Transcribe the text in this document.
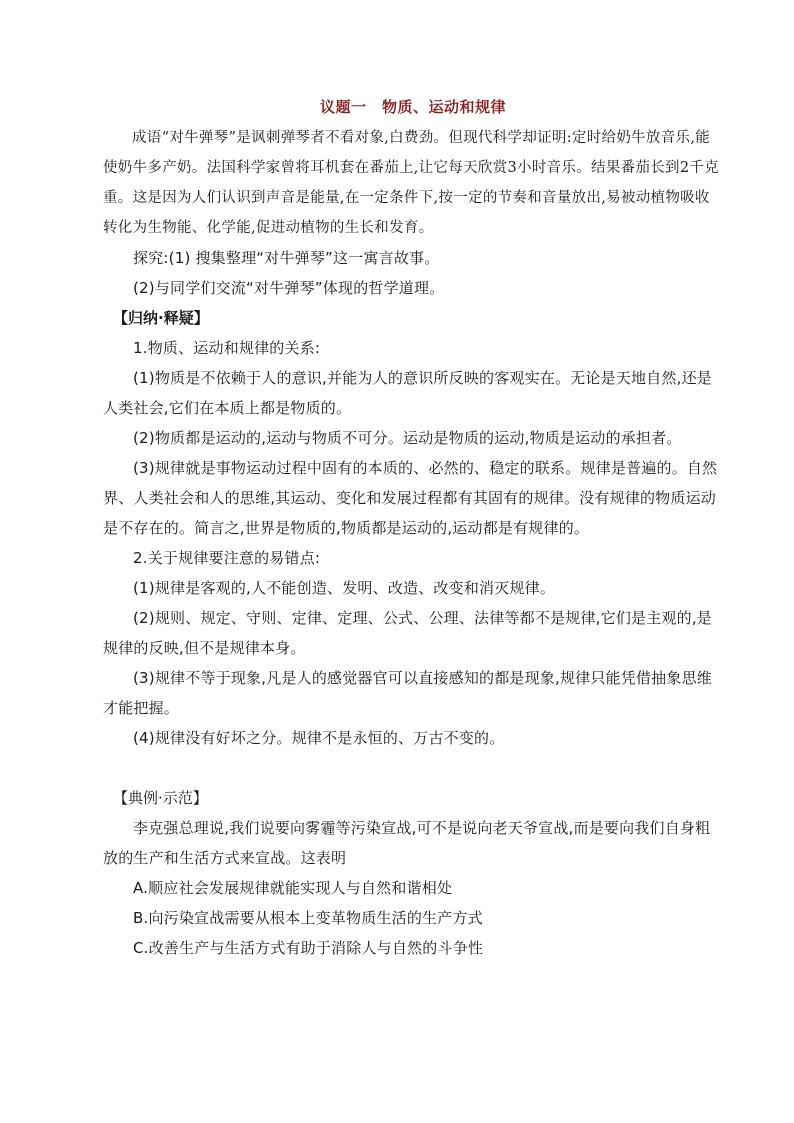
议题一　物质、运动和规律

成语“对牛弹琴”是讽刺弹琴者不看对象,白费劲。但现代科学却证明:定时给奶牛放音乐,能使奶牛多产奶。法国科学家曾将耳机套在番茄上,让它每天欣赏3小时音乐。结果番茄长到2千克重。这是因为人们认识到声音是能量,在一定条件下,按一定的节奏和音量放出,易被动植物吸收转化为生物能、化学能,促进动植物的生长和发育。

探究:(1) 搜集整理“对牛弹琴”这一寓言故事。

(2)与同学们交流“对牛弹琴”体现的哲学道理。

【归纳·释疑】

1.物质、运动和规律的关系:

(1)物质是不依赖于人的意识,并能为人的意识所反映的客观实在。无论是天地自然,还是人类社会,它们在本质上都是物质的。

(2)物质都是运动的,运动与物质不可分。运动是物质的运动,物质是运动的承担者。

(3)规律就是事物运动过程中固有的本质的、必然的、稳定的联系。规律是普遍的。自然界、人类社会和人的思维,其运动、变化和发展过程都有其固有的规律。没有规律的物质运动是不存在的。简言之,世界是物质的,物质都是运动的,运动都是有规律的。

2.关于规律要注意的易错点:

(1)规律是客观的,人不能创造、发明、改造、改变和消灭规律。

(2)规则、规定、守则、定律、定理、公式、公理、法律等都不是规律,它们是主观的,是规律的反映,但不是规律本身。

(3)规律不等于现象,凡是人的感觉器官可以直接感知的都是现象,规律只能凭借抽象思维才能把握。

(4)规律没有好坏之分。规律不是永恒的、万古不变的。

【典例·示范】

李克强总理说,我们说要向雾霾等污染宣战,可不是说向老天爷宣战,而是要向我们自身粗放的生产和生活方式来宣战。这表明

A.顺应社会发展规律就能实现人与自然和谐相处

B.向污染宣战需要从根本上变革物质生活的生产方式

C.改善生产与生活方式有助于消除人与自然的斗争性
